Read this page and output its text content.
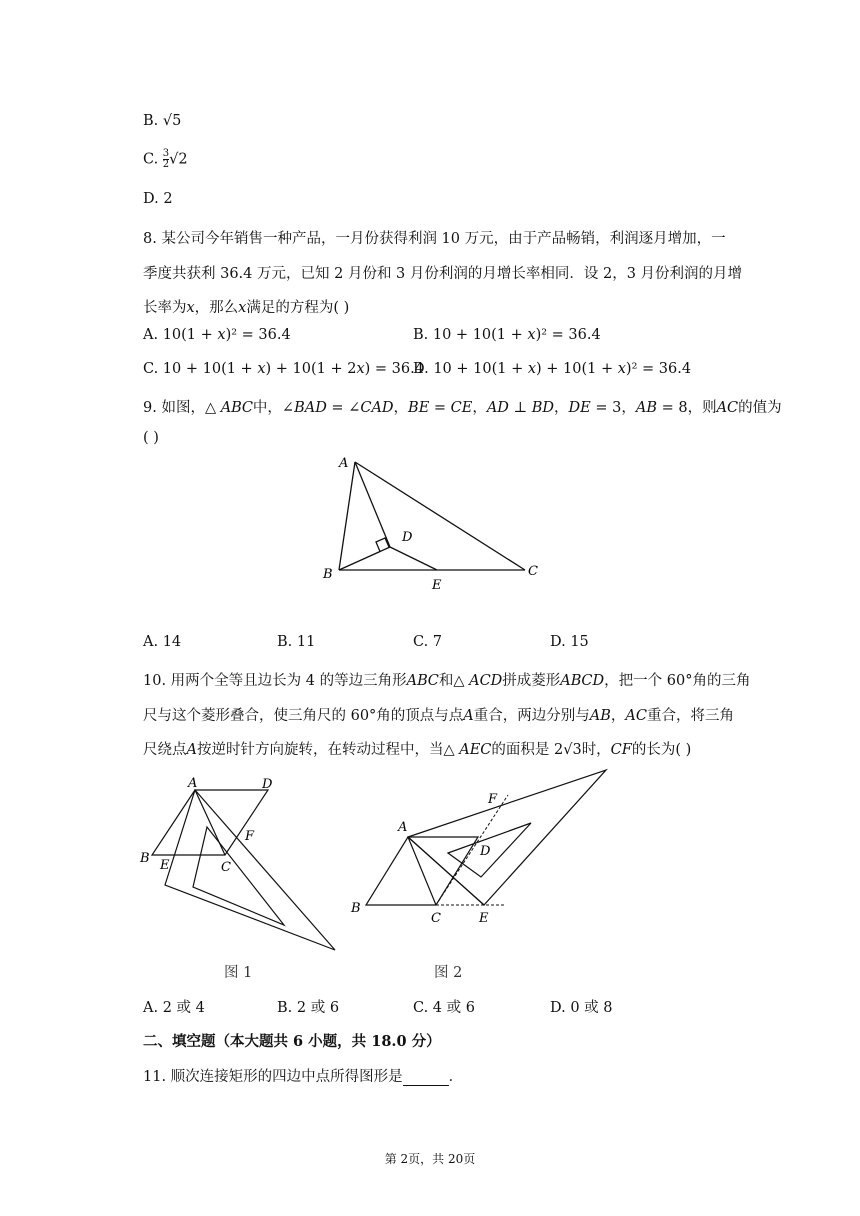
B. √5
C. $\frac{3}{2} √2$
D. 2
8. 某公司今年销售一种产品，一月份获得利润 10 万元，由于产品畅销，利润逐月增加，一
季度共获利 36.4 万元，已知 2 月份和 3 月份利润的月增长率相同．设 2，3 月份利润的月增
长率为𝑥，那么𝑥满足的方程为( )
A. 10(1 + 𝑥)² = 36.4	B. 10 + 10(1 + 𝑥)² = 36.4
C. 10 + 10(1 + 𝑥) + 10(1 + 2𝑥) = 36.4
D. 10 + 10(1 + 𝑥) + 10(1 + 𝑥)² = 36.4
9. 如图，△ 𝐴𝐵𝐶中，∠𝐵𝐴𝐷 = ∠𝐶𝐴𝐷，𝐵𝐸 = 𝐶𝐸，𝐴𝐷 ⊥ 𝐵𝐷，𝐷𝐸 = 3，𝐴𝐵 = 8，则𝐴𝐶的值为
( )
A
B	C
D
E
A. 14	B. 11	C. 7	D. 15
10. 用两个全等且边长为 4 的等边三角形𝐴𝐵𝐶和△ 𝐴𝐶𝐷拼成菱形𝐴𝐵𝐶𝐷，把一个 60°角的三角
尺与这个菱形叠合，使三角尺的 60°角的顶点与点𝐴重合，两边分别与𝐴𝐵，𝐴𝐶重合，将三角
尺绕点𝐴按逆时针方向旋转，在转动过程中，当△ 𝐴𝐸𝐶的面积是 2√3时，𝐶𝐹的长为( )
A	D
B E	C
F
图 1
A
B
C
D
E
F
图 2
A. 2 或 4	B. 2 或 6	C. 4 或 6	D. 0 或 8
二、填空题（本大题共 6 小题，共 18.0 分）
11. 顺次连接矩形的四边中点所得图形是	．
第 2页，共 20页
